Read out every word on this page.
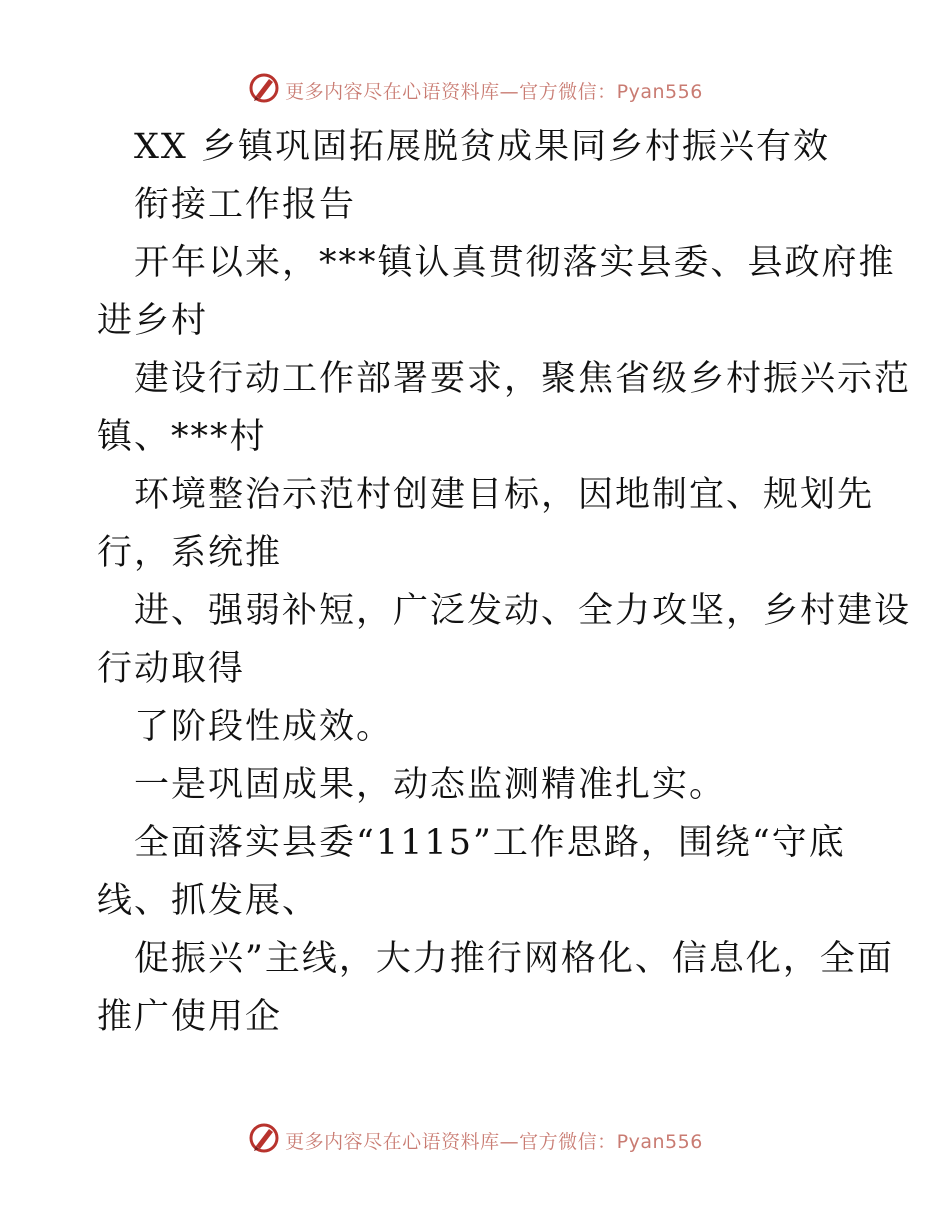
更多内容尽在心语资料库—官方微信：Pyan556
XX 乡镇巩固拓展脱贫成果同乡村振兴有效
衔接工作报告
开年以来，***镇认真贯彻落实县委、县政府推
进乡村
建设行动工作部署要求，聚焦省级乡村振兴示范
镇、***村
环境整治示范村创建目标，因地制宜、规划先
行，系统推
进、强弱补短，广泛发动、全力攻坚，乡村建设
行动取得
了阶段性成效。
一是巩固成果，动态监测精准扎实。
全面落实县委“1115”工作思路，围绕“守底
线、抓发展、
促振兴”主线，大力推行网格化、信息化，全面
推广使用企
更多内容尽在心语资料库—官方微信：Pyan556
